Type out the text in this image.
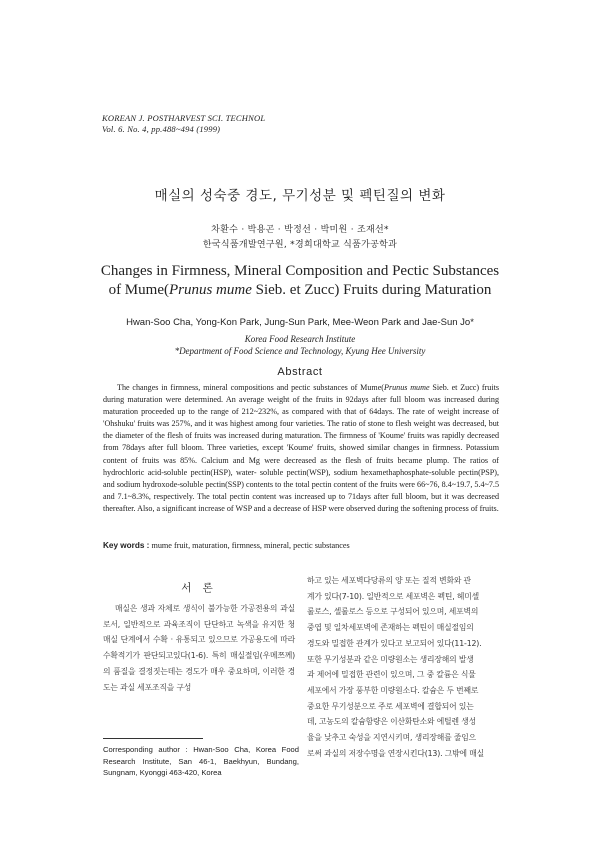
KOREAN J. POSTHARVEST SCI. TECHNOL
Vol. 6. No. 4, pp.488~494 (1999)
매실의 성숙중 경도, 무기성분 및 펙틴질의 변화
차환수 · 박용곤 · 박정선 · 박미원 · 조재선*
한국식품개발연구원, *경희대학교 식품가공학과
Changes in Firmness, Mineral Composition and Pectic Substances
of Mume(Prunus mume Sieb. et Zucc) Fruits during Maturation
Hwan-Soo Cha, Yong-Kon Park, Jung-Sun Park, Mee-Weon Park and Jae-Sun Jo*
Korea Food Research Institute
*Department of Food Science and Technology, Kyung Hee University
Abstract
The changes in firmness, mineral compositions and pectic substances of Mume(Prunus mume Sieb. et Zucc) fruits during maturation were determined. An average weight of the fruits in 92days after full bloom was increased during maturation proceeded up to the range of 212~232%, as compared with that of 64days. The rate of weight increase of 'Ohshuku' fruits was 257%, and it was highest among four varieties. The ratio of stone to flesh weight was decreased, but the diameter of the flesh of fruits was increased during maturation. The firmness of 'Koume' fruits was rapidly decreased from 78days after full bloom. Three varieties, except 'Koume' fruits, showed similar changes in firmness. Potassium content of fruits was 85%. Calcium and Mg were decreased as the flesh of fruits became plump. The ratios of hydrochloric acid-soluble pectin(HSP), water- soluble pectin(WSP), sodium hexamethaphosphate-soluble pectin(PSP), and sodium hydroxode-soluble pectin(SSP) contents to the total pectin content of the fruits were 66~76, 8.4~19.7, 5.4~7.5 and 7.1~8.3%, respectively. The total pectin content was increased up to 71days after full bloom, but it was decreased thereafter. Also, a significant increase of WSP and a decrease of HSP were observed during the softening process of fruits.
Key words : mume fruit, maturation, firmness, mineral, pectic substances
서 론
매실은 생과 자체로 생식이 불가능한 가공전용의 과실로서, 일반적으로 과육조직이 단단하고 녹색을 유지한 청매실 단계에서 수확 · 유통되고 있으므로 가공용도에 따라 수확적기가 판단되고있다(1-6). 특히 매실절임(우메쯔께)의 품질을 결정짓는데는 경도가 매우 중요하며, 이러한 경도는 과실 세포조직을 구성
하고 있는 세포벽다당류의 양 또는 질적 변화와 관
계가 있다(7-10). 일반적으로 세포벽은 펙틴, 헤미셀
룰로스, 셀룰로스 등으로 구성되어 있으며, 세포벽의
중엽 및 일차세포벽에 존재하는 펙틴이 매실절임의
경도와 밀접한 관계가 있다고 보고되어 있다(11-12).
또한 무기성분과 같은 미량원소는 생리장해의 발생
과 제어에 밀접한 관련이 있으며, 그 중 칼륨은 식물
세포에서 가장 풍부한 미량원소다. 칼슘은 두 번째로
중요한 무기성분으로 주로 세포벽에 결합되어 있는
데, 고농도의 칼슘함량은 이산화탄소와 에틸렌 생성
율을 낮추고 숙성을 지연시키며, 생리장해를 줄임으
로써 과실의 저장수명을 연장시킨다(13). 그밖에 매실
Corresponding author : Hwan-Soo Cha, Korea Food Research Institute, San 46-1, Baekhyun, Bundang, Sungnam, Kyonggi 463-420, Korea
